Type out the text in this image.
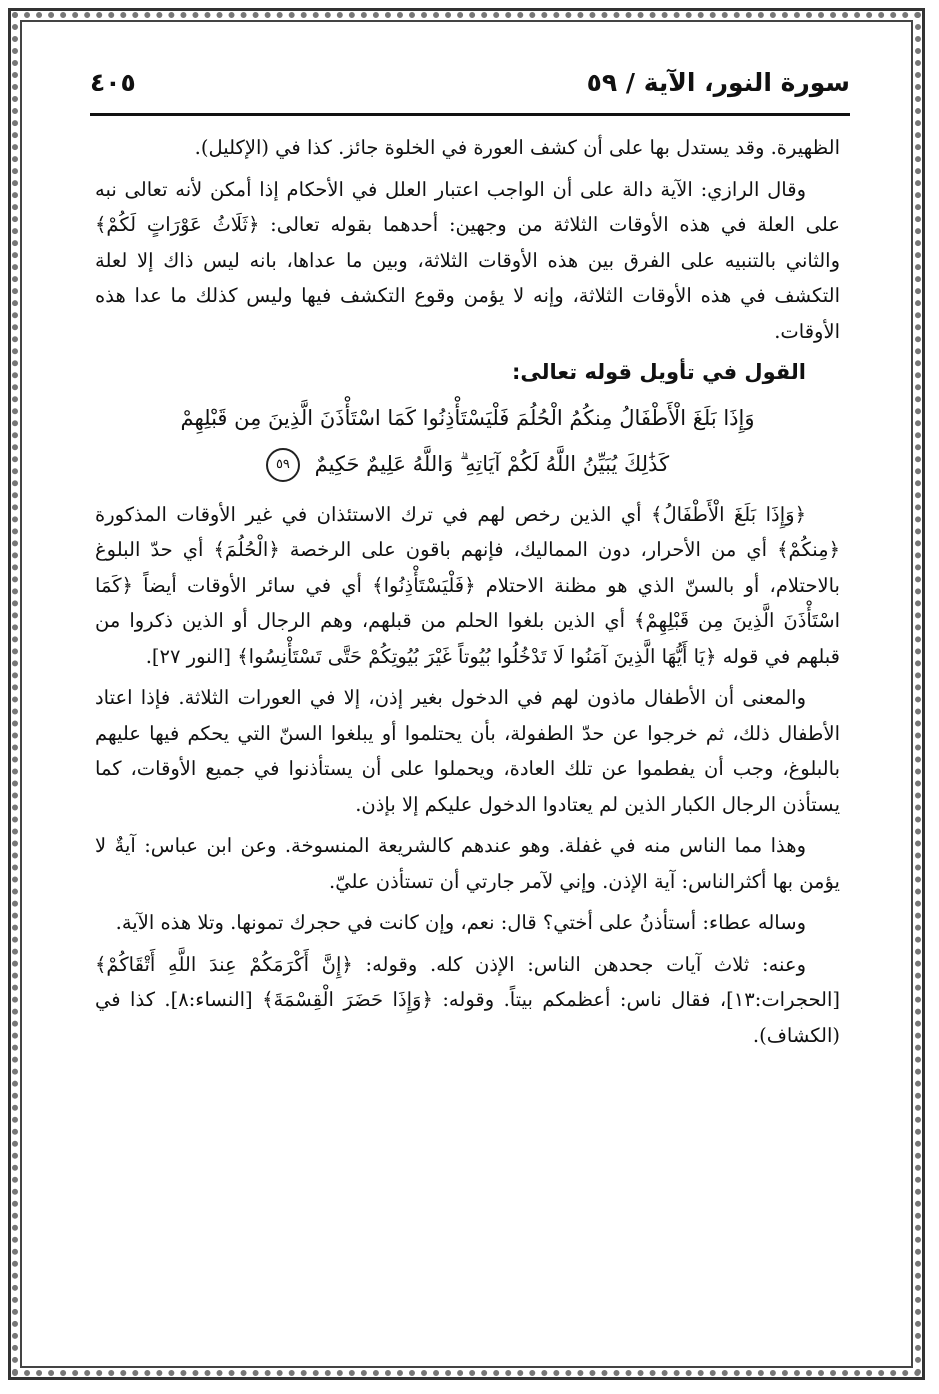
سورة النور، الآية / ٥٩
٤٠٥

الظهيرة. وقد يستدل بها على أن كشف العورة في الخلوة جائز. كذا في (الإكليل).

وقال الرازي: الآية دالة على أن الواجب اعتبار العلل في الأحكام إذا أمكن لأنه تعالى نبه على العلة في هذه الأوقات الثلاثة من وجهين: أحدهما بقوله تعالى: ﴿ثَلَاثُ عَوْرَاتٍ لَكُمْ﴾ والثاني بالتنبيه على الفرق بين هذه الأوقات الثلاثة، وبين ما عداها، بانه ليس ذاك إلا لعلة التكشف في هذه الأوقات الثلاثة، وإنه لا يؤمن وقوع التكشف فيها وليس كذلك ما عدا هذه الأوقات.

القول في تأويل قوله تعالى:
وَإِذَا بَلَغَ الْأَطْفَالُ مِنكُمُ الْحُلُمَ فَلْيَسْتَأْذِنُوا كَمَا اسْتَأْذَنَ الَّذِينَ مِن قَبْلِهِمْ
كَذَٰلِكَ يُبَيِّنُ اللَّهُ لَكُمْ آيَاتِهِ ۗ وَاللَّهُ عَلِيمٌ حَكِيمٌ ٥٩

﴿وَإِذَا بَلَغَ الْأَطْفَالُ﴾ أي الذين رخص لهم في ترك الاستئذان في غير الأوقات المذكورة ﴿مِنكُمْ﴾ أي من الأحرار، دون المماليك، فإنهم باقون على الرخصة ﴿الْحُلُمَ﴾ أي حدّ البلوغ بالاحتلام، أو بالسنّ الذي هو مظنة الاحتلام ﴿فَلْيَسْتَأْذِنُوا﴾ أي في سائر الأوقات أيضاً ﴿كَمَا اسْتَأْذَنَ الَّذِينَ مِن قَبْلِهِمْ﴾ أي الذين بلغوا الحلم من قبلهم، وهم الرجال أو الذين ذكروا من قبلهم في قوله ﴿يَا أَيُّهَا الَّذِينَ آمَنُوا لَا تَدْخُلُوا بُيُوتاً غَيْرَ بُيُوتِكُمْ حَتَّى تَسْتَأْنِسُوا﴾ [النور ٢٧].

والمعنى أن الأطفال ماذون لهم في الدخول بغير إذن، إلا في العورات الثلاثة. فإذا اعتاد الأطفال ذلك، ثم خرجوا عن حدّ الطفولة، بأن يحتلموا أو يبلغوا السنّ التي يحكم فيها عليهم بالبلوغ، وجب أن يفطموا عن تلك العادة، ويحملوا على أن يستأذنوا في جميع الأوقات، كما يستأذن الرجال الكبار الذين لم يعتادوا الدخول عليكم إلا بإذن.

وهذا مما الناس منه في غفلة. وهو عندهم كالشريعة المنسوخة. وعن ابن عباس: آيةٌ لا يؤمن بها أكثرالناس: آية الإذن. وإني لآمر جارتي أن تستأذن عليّ.

وساله عطاء: أستأذنُ على أختي؟ قال: نعم، وإن كانت في حجرك تمونها. وتلا هذه الآية.

وعنه: ثلاث آيات جحدهن الناس: الإذن كله. وقوله: ﴿إِنَّ أَكْرَمَكُمْ عِندَ اللَّهِ أَتْقَاكُمْ﴾ [الحجرات:١٣]، فقال ناس: أعظمكم بيتاً. وقوله: ﴿وَإِذَا حَضَرَ الْقِسْمَةَ﴾ [النساء:٨]. كذا في (الكشاف).
